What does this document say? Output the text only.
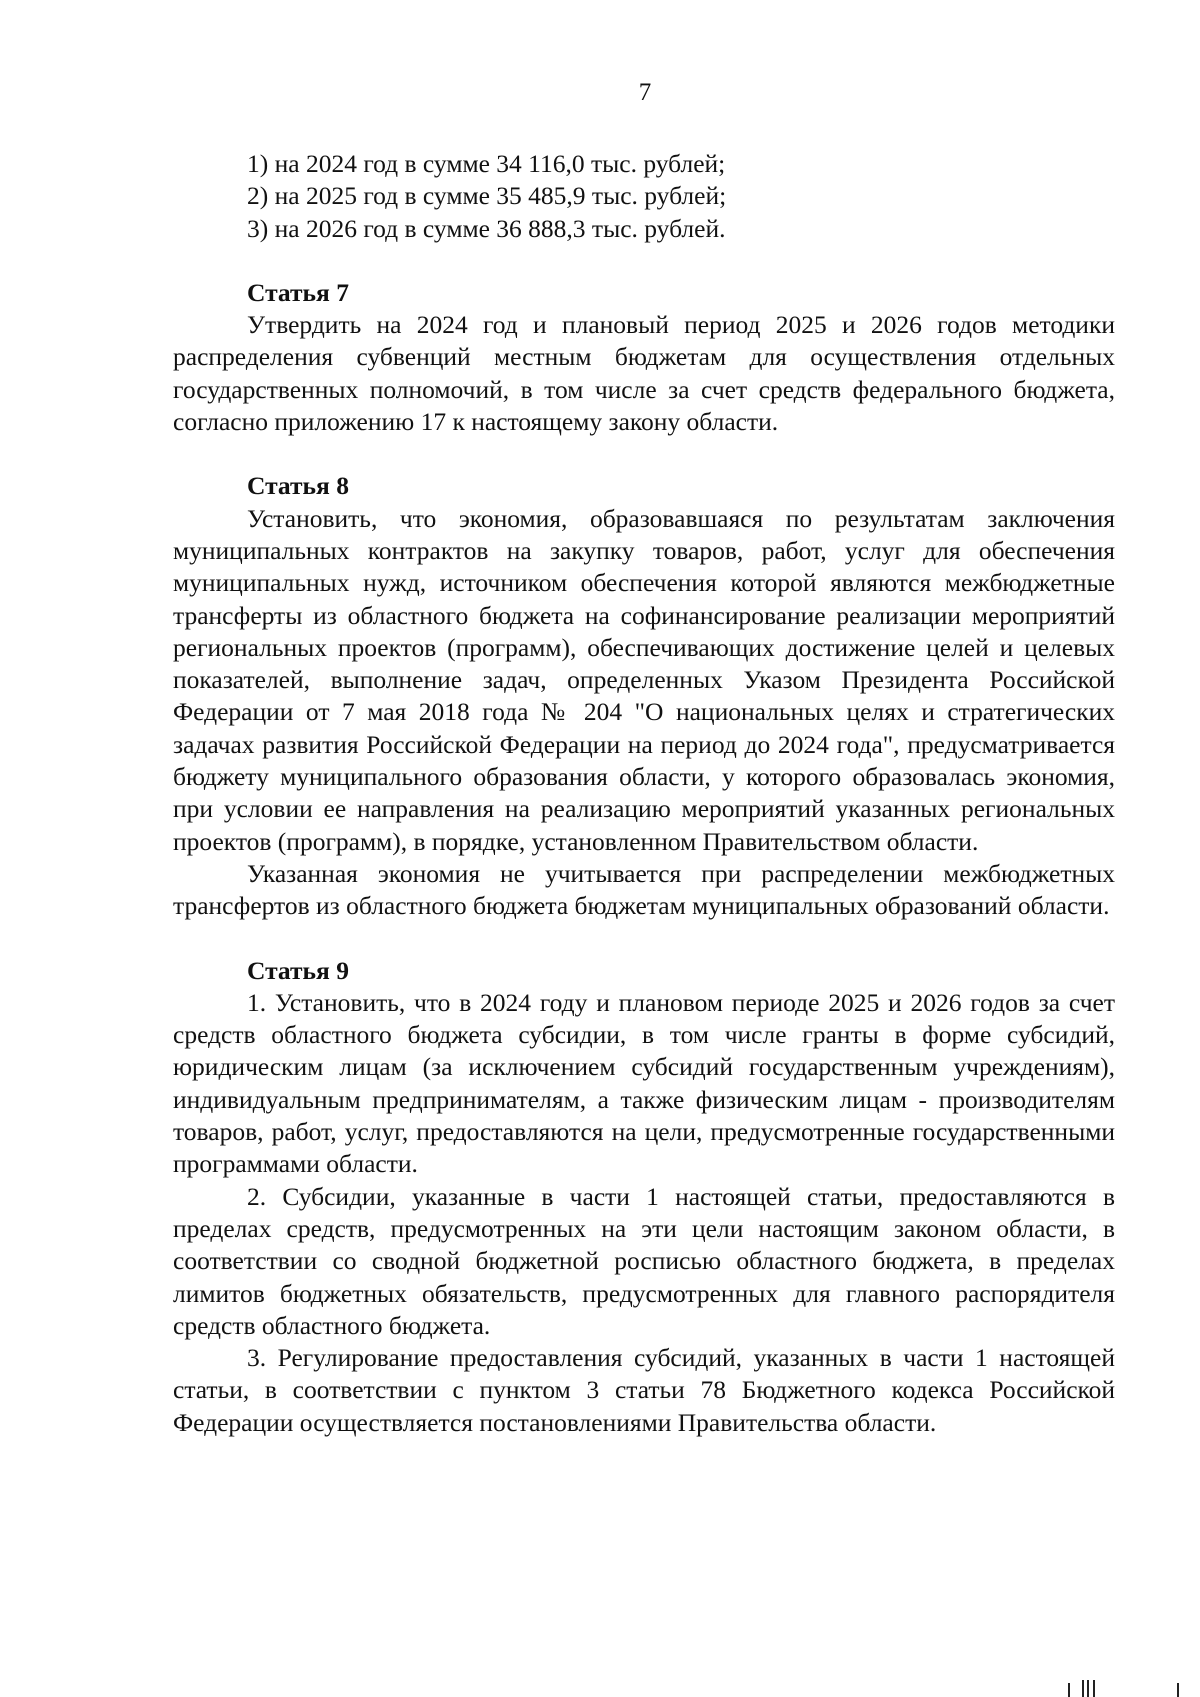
7

1) на 2024 год в сумме 34 116,0 тыс. рублей;

2) на 2025 год в сумме 35 485,9 тыс. рублей;

3) на 2026 год в сумме 36 888,3 тыс. рублей.

Статья 7

Утвердить на 2024 год и плановый период 2025 и 2026 годов методики распределения субвенций местным бюджетам для осуществления отдельных государственных полномочий, в том числе за счет средств федерального бюджета, согласно приложению 17 к настоящему закону области.

Статья 8

Установить, что экономия, образовавшаяся по результатам заключения муниципальных контрактов на закупку товаров, работ, услуг для обеспечения муниципальных нужд, источником обеспечения которой являются межбюджетные трансферты из областного бюджета на софинансирование реализации мероприятий региональных проектов (программ), обеспечивающих достижение целей и целевых показателей, выполнение задач, определенных Указом Президента Российской Федерации от 7 мая 2018 года № 204 "О национальных целях и стратегических задачах развития Российской Федерации на период до 2024 года", предусматривается бюджету муниципального образования области, у которого образовалась экономия, при условии ее направления на реализацию мероприятий указанных региональных проектов (программ), в порядке, установленном Правительством области.

Указанная экономия не учитывается при распределении межбюджетных трансфертов из областного бюджета бюджетам муниципальных образований области.

Статья 9

1. Установить, что в 2024 году и плановом периоде 2025 и 2026 годов за счет средств областного бюджета субсидии, в том числе гранты в форме субсидий, юридическим лицам (за исключением субсидий государственным учреждениям), индивидуальным предпринимателям, а также физическим лицам - производителям товаров, работ, услуг, предоставляются на цели, предусмотренные государственными программами области.

2. Субсидии, указанные в части 1 настоящей статьи, предоставляются в пределах средств, предусмотренных на эти цели настоящим законом области, в соответствии со сводной бюджетной росписью областного бюджета, в пределах лимитов бюджетных обязательств, предусмотренных для главного распорядителя средств областного бюджета.

3. Регулирование предоставления субсидий, указанных в части 1 настоящей статьи, в соответствии с пунктом 3 статьи 78 Бюджетного кодекса Российской Федерации осуществляется постановлениями Правительства области.
